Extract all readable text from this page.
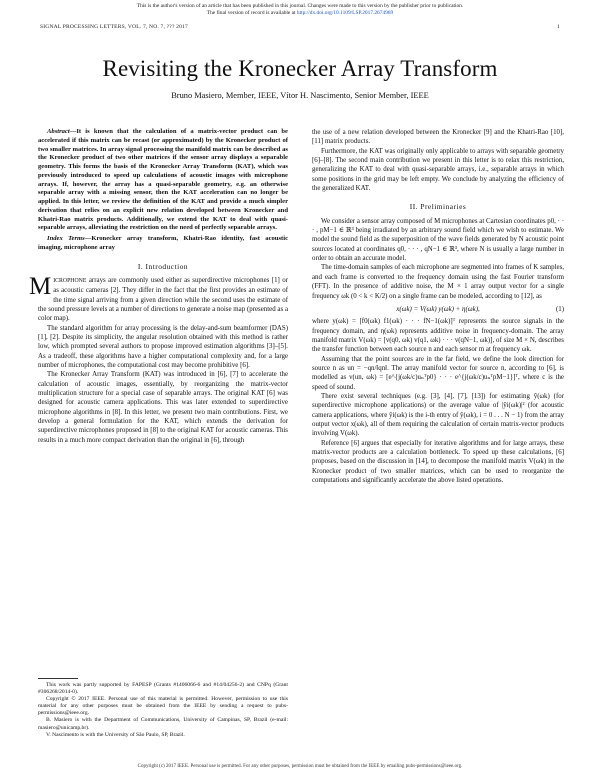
This is the author's version of an article that has been published in this journal. Changes were made to this version by the publisher prior to publication.
The final version of record is available at http://dx.doi.org/10.1109/LSP.2017.2674969
SIGNAL PROCESSING LETTERS, VOL. 7, NO. 7, ??? 2017	1
Revisiting the Kronecker Array Transform
Bruno Masiero, Member, IEEE, Vítor H. Nascimento, Senior Member, IEEE

Abstract—It is known that the calculation of a matrix-vector product can be accelerated if this matrix can be recast (or approximated) by the Kronecker product of two smaller matrices. In array signal processing the manifold matrix can be described as the Kronecker product of two other matrices if the sensor array displays a separable geometry. This forms the basis of the Kronecker Array Transform (KAT), which was previously introduced to speed up calculations of acoustic images with microphone arrays. If, however, the array has a quasi-separable geometry, e.g. an otherwise separable array with a missing sensor, then the KAT acceleration can no longer be applied. In this letter, we review the definition of the KAT and provide a much simpler derivation that relies on an explicit new relation developed between Kronecker and Khatri-Rao matrix products. Additionally, we extend the KAT to deal with quasi-separable arrays, alleviating the restriction on the need of perfectly separable arrays.

Index Terms—Kronecker array transform, Khatri-Rao identity, fast acoustic imaging, microphone array

I. Introduction

MICROPHONE arrays are commonly used either as superdirective microphones [1] or as acoustic cameras [2]. They differ in the fact that the first provides an estimate of the time signal arriving from a given direction while the second uses the estimate of the sound pressure levels at a number of directions to generate a noise map (presented as a color map).

The standard algorithm for array processing is the delay-and-sum beamformer (DAS) [1], [2]. Despite its simplicity, the angular resolution obtained with this method is rather low, which prompted several authors to propose improved estimation algorithms [3]–[5]. As a tradeoff, these algorithms have a higher computational complexity and, for a large number of microphones, the computational cost may become prohibitive [6].

The Kronecker Array Transform (KAT) was introduced in [6], [7] to accelerate the calculation of acoustic images, essentially, by reorganizing the matrix-vector multiplication structure for a special case of separable arrays. The original KAT [6] was designed for acoustic camera applications. This was later extended to superdirective microphone algorithms in [8]. In this letter, we present two main contributions. First, we develop a general formulation for the KAT, which extends the derivation for superdirective microphones proposed in [8] to the original KAT for acoustic cameras. This results in a much more compact derivation than the original in [6], through

the use of a new relation developed between the Kronecker [9] and the Khatri-Rao [10], [11] matrix products.

Furthermore, the KAT was originally only applicable to arrays with separable geometry [6]–[8]. The second main contribution we present in this letter is to relax this restriction, generalizing the KAT to deal with quasi-separable arrays, i.e., separable arrays in which some positions in the grid may be left empty. We conclude by analyzing the efficiency of the generalized KAT.

II. Preliminaries

We consider a sensor array composed of M microphones at Cartesian coordinates p0, · · · , pM−1 ∈ ℝ³ being irradiated by an arbitrary sound field which we wish to estimate. We model the sound field as the superposition of the wave fields generated by N acoustic point sources located at coordinates q0, · · · , qN−1 ∈ ℝ³, where N is usually a large number in order to obtain an accurate model.

The time-domain samples of each microphone are segmented into frames of K samples, and each frame is converted to the frequency domain using the fast Fourier transform (FFT). In the presence of additive noise, the M × 1 array output vector for a single frequency ωk (0 < k < K/2) on a single frame can be modeled, according to [12], as

x(ωk) = V(ωk) y(ωk) + η(ωk),	(1)

where y(ωk) = [f0(ωk) f1(ωk) · · · fN−1(ωk)]ᵀ represents the source signals in the frequency domain, and η(ωk) represents additive noise in frequency-domain. The array manifold matrix V(ωk) = [v(q0, ωk) v(q1, ωk) · · · v(qN−1, ωk)], of size M × N, describes the transfer function between each source n and each sensor m at frequency ωk.

Assuming that the point sources are in the far field, we define the look direction for source n as un = −qn/‖qn‖. The array manifold vector for source n, according to [6], is modelled as v(un, ωk) = [e^{j(ωk/c)uₙᵀp0} · · · e^{j(ωk/c)uₙᵀpM−1}]ᵀ, where c is the speed of sound.

There exist several techniques (e.g. [3], [4], [7], [13]) for estimating ŷ(ωk) (for superdirective microphone applications) or the average value of |ŷi(ωk)|² (for acoustic camera applications, where ŷi(ωk) is the i-th entry of ŷ(ωk), i = 0 . . . N − 1) from the array output vector x(ωk), all of them requiring the calculation of certain matrix-vector products involving V(ωk).

Reference [6] argues that especially for iterative algorithms and for large arrays, these matrix-vector products are a calculation bottleneck. To speed up these calculations, [6] proposes, based on the discussion in [14], to decompose the manifold matrix V(ωk) in the Kronecker product of two smaller matrices, which can be used to reorganize the computations and significantly accelerate the above listed operations.

This work was partly supported by FAPESP (Grants #1406066-6 and #14/04256-2) and CNPq (Grant #306268/2014-0).

Copyright © 2017 IEEE. Personal use of this material is permitted. However, permission to use this material for any other purposes must be obtained from the IEEE by sending a request to pubs-permissions@ieee.org.

B. Masiero is with the Department of Communications, University of Campinas, SP, Brazil (e-mail: masiero@unicamp.br).

V. Nascimento is with the University of São Paulo, SP, Brazil.

Copyright (c) 2017 IEEE. Personal use is permitted. For any other purposes, permission must be obtained from the IEEE by emailing pubs-permissions@ieee.org.
